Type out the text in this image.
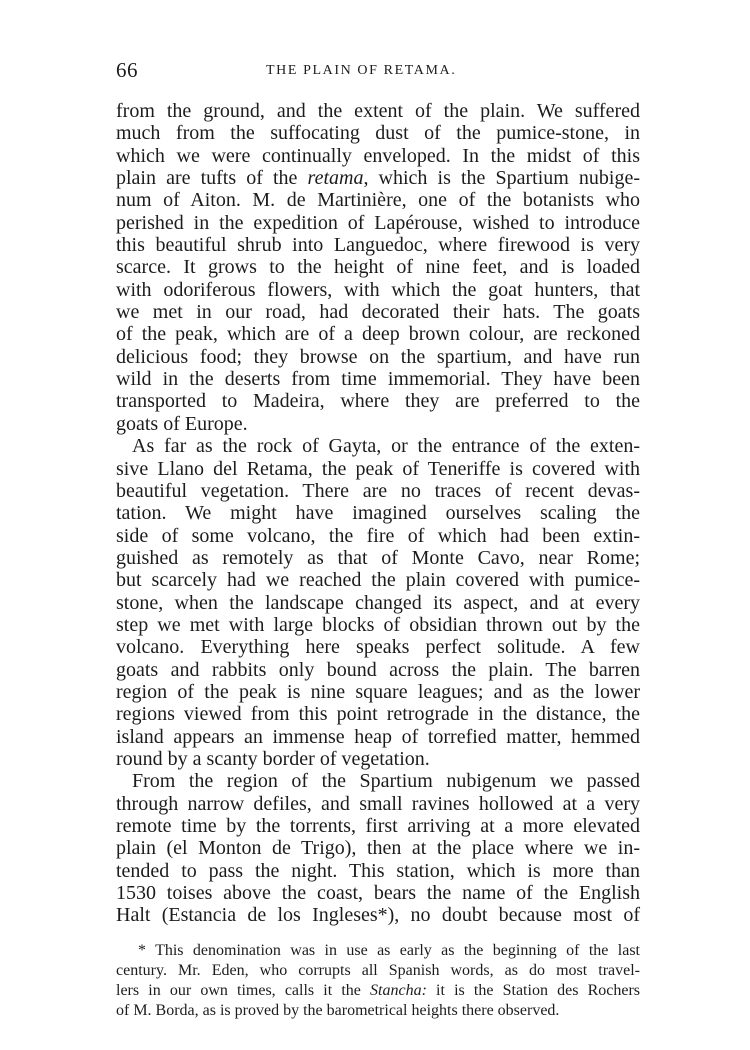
66	THE PLAIN OF RETAMA.
from the ground, and the extent of the plain. We suffered
much from the suffocating dust of the pumice-stone, in
which we were continually enveloped. In the midst of this
plain are tufts of the retama, which is the Spartium nubige-
num of Aiton. M. de Martinière, one of the botanists who
perished in the expedition of Lapérouse, wished to introduce
this beautiful shrub into Languedoc, where firewood is very
scarce. It grows to the height of nine feet, and is loaded
with odoriferous flowers, with which the goat hunters, that
we met in our road, had decorated their hats. The goats
of the peak, which are of a deep brown colour, are reckoned
delicious food; they browse on the spartium, and have run
wild in the deserts from time immemorial. They have been
transported to Madeira, where they are preferred to the
goats of Europe.
As far as the rock of Gayta, or the entrance of the exten-
sive Llano del Retama, the peak of Teneriffe is covered with
beautiful vegetation. There are no traces of recent devas-
tation. We might have imagined ourselves scaling the
side of some volcano, the fire of which had been extin-
guished as remotely as that of Monte Cavo, near Rome;
but scarcely had we reached the plain covered with pumice-
stone, when the landscape changed its aspect, and at every
step we met with large blocks of obsidian thrown out by the
volcano. Everything here speaks perfect solitude. A few
goats and rabbits only bound across the plain. The barren
region of the peak is nine square leagues; and as the lower
regions viewed from this point retrograde in the distance, the
island appears an immense heap of torrefied matter, hemmed
round by a scanty border of vegetation.
From the region of the Spartium nubigenum we passed
through narrow defiles, and small ravines hollowed at a very
remote time by the torrents, first arriving at a more elevated
plain (el Monton de Trigo), then at the place where we in-
tended to pass the night. This station, which is more than
1530 toises above the coast, bears the name of the English
Halt (Estancia de los Ingleses*), no doubt because most of
* This denomination was in use as early as the beginning of the last
century. Mr. Eden, who corrupts all Spanish words, as do most travel-
lers in our own times, calls it the Stancha: it is the Station des Rochers
of M. Borda, as is proved by the barometrical heights there observed.
